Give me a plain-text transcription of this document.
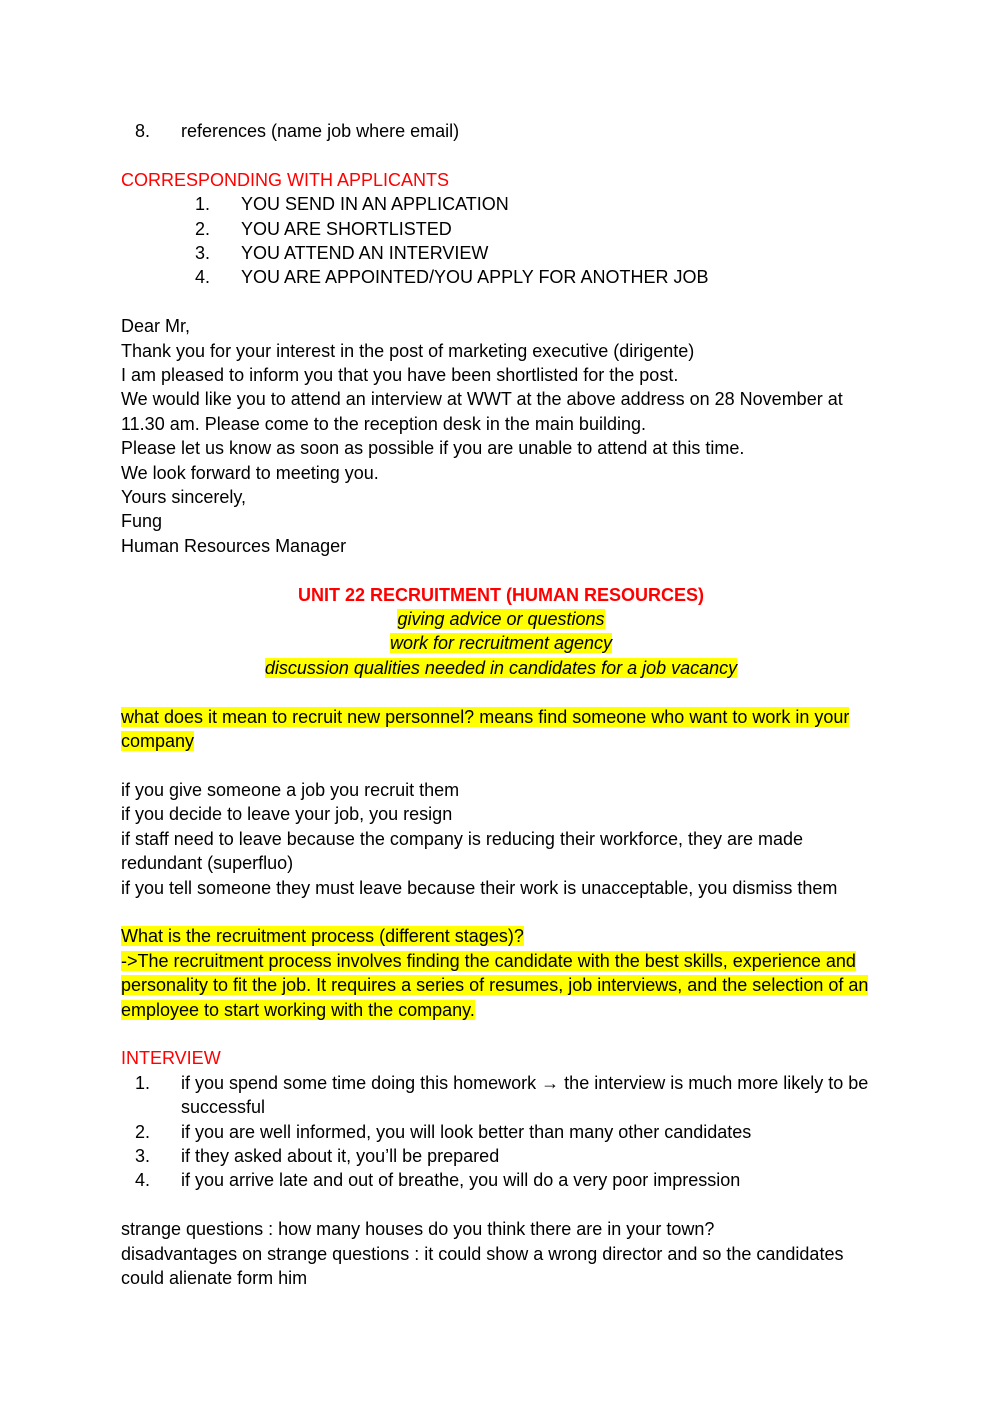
8.	references (name job where email)
CORRESPONDING WITH APPLICANTS
1.	YOU SEND IN AN APPLICATION
2.	YOU ARE SHORTLISTED
3.	YOU ATTEND AN INTERVIEW
4.	YOU ARE APPOINTED/YOU APPLY FOR ANOTHER JOB
Dear Mr,
Thank you for your interest in the post of marketing executive (dirigente)
I am pleased to inform you that you have been shortlisted for the post.
We would like you to attend an interview at WWT at the above address on 28 November at 11.30 am. Please come to the reception desk in the main building.
Please let us know as soon as possible if you are unable to attend at this time.
We look forward to meeting you.
Yours sincerely,
Fung
Human Resources Manager
UNIT 22 RECRUITMENT (HUMAN RESOURCES)
giving advice or questions
work for recruitment agency
discussion qualities needed in candidates for a job vacancy
what does it mean to recruit new personnel? means find someone who want to work in your company
if you give someone a job you recruit them
if you decide to leave your job, you resign
if staff need to leave because the company is reducing their workforce, they are made redundant (superfluo)
if you tell someone they must leave because their work is unacceptable, you dismiss them
What is the recruitment process (different stages)?
->The recruitment process involves finding the candidate with the best skills, experience and personality to fit the job. It requires a series of resumes, job interviews, and the selection of an employee to start working with the company.
INTERVIEW
1.	if you spend some time doing this homework → the interview is much more likely to be successful
2.	if you are well informed, you will look better than many other candidates
3.	if they asked about it, you’ll be prepared
4.	if you arrive late and out of breathe, you will do a very poor impression
strange questions : how many houses do you think there are in your town?
disadvantages on strange questions : it could show a wrong director and so the candidates could alienate form him
